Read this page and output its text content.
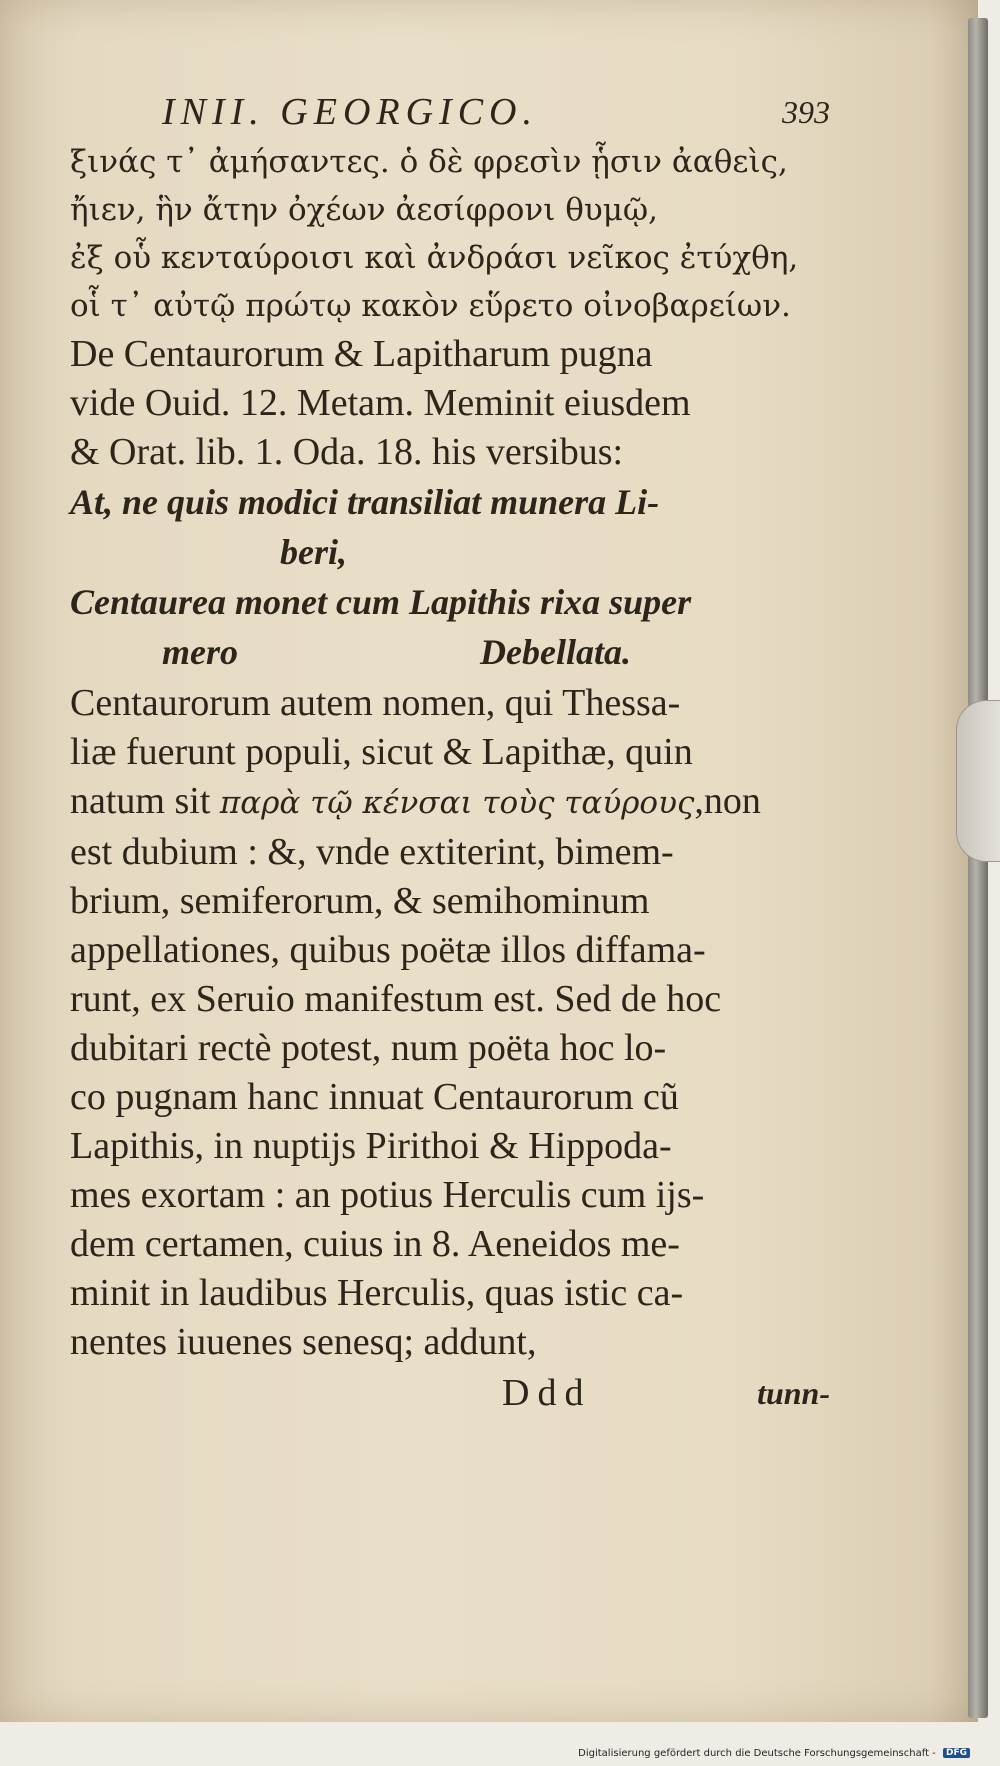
INII. GEORGICO.	393

ξινάς τ᾽ ἀμήσαντες. ὁ δὲ φρεσὶν ᾗσιν ἀαθεὶς,

ἤιεν, ἣν ἄτην ὀχέων ἀεσίφρονι θυμῷ,

ἐξ οὗ κενταύροισι καὶ ἀνδράσι νεῖκος ἐτύχθη,

οἷ τ᾽ αὐτῷ πρώτῳ κακὸν εὕρετο οἰνοβαρείων.

De Centaurorum & Lapitharum pugna

vide Ouid. 12. Metam. Meminit eiusdem

& Orat. lib. 1. Oda. 18. his versibus:

At, ne quis modici transiliat munera Li-

beri,

Centaurea monet cum Lapithis rixa super

mero	Debellata.

Centaurorum autem nomen, qui Thessa-

liæ fuerunt populi, sicut & Lapithæ, quin

natum sit παρὰ τῷ κένσαι τοὺς ταύρους,non

est dubium : &, vnde extiterint, bimem-

brium, semiferorum, & semihominum

appellationes, quibus poëtæ illos diffama-

runt, ex Seruio manifestum est. Sed de hoc

dubitari rectè potest, num poëta hoc lo-

co pugnam hanc innuat Centaurorum cũ

Lapithis, in nuptijs Pirithoi & Hippoda-

mes exortam : an potius Herculis cum ijs-

dem certamen, cuius in 8. Aeneidos me-

minit in laudibus Herculis, quas istic ca-

nentes iuuenes senesq; addunt,

Ddd	tunn-
Digitalisierung gefördert durch die Deutsche Forschungsgemeinschaft - DFG
